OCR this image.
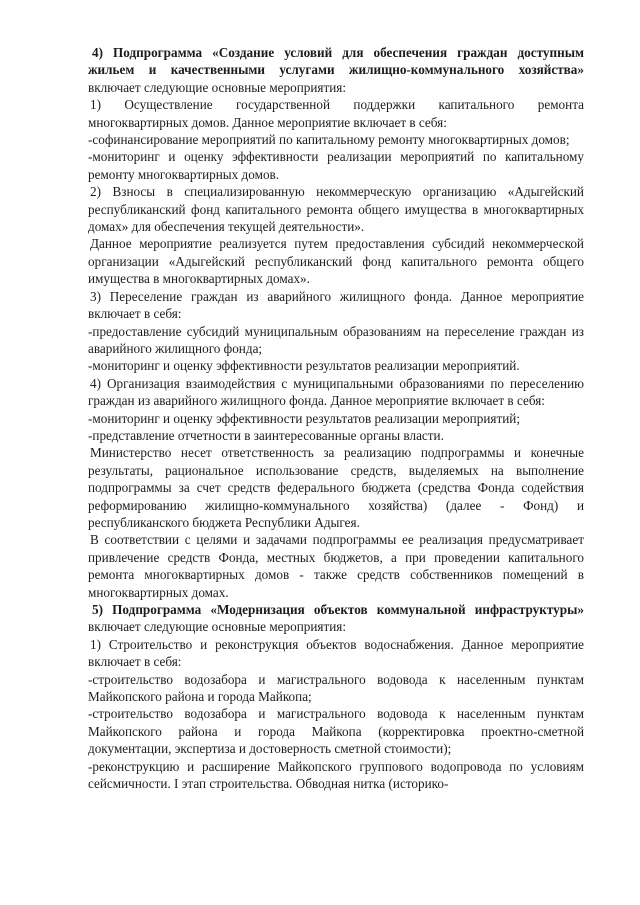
4) Подпрограмма «Создание условий для обеспечения граждан доступным жильем и качественными услугами жилищно-коммунального хозяйства» включает следующие основные мероприятия:

1) Осуществление государственной поддержки капитального ремонта многоквартирных домов. Данное мероприятие включает в себя:

-софинансирование мероприятий по капитальному ремонту многоквартирных домов;

-мониторинг и оценку эффективности реализации мероприятий по капитальному ремонту многоквартирных домов.

2) Взносы в специализированную некоммерческую организацию «Адыгейский республиканский фонд капитального ремонта общего имущества в многоквартирных домах» для обеспечения текущей деятельности».

Данное мероприятие реализуется путем предоставления субсидий некоммерческой организации «Адыгейский республиканский фонд капитального ремонта общего имущества в многоквартирных домах».

3) Переселение граждан из аварийного жилищного фонда. Данное мероприятие включает в себя:

-предоставление субсидий муниципальным образованиям на переселение граждан из аварийного жилищного фонда;

-мониторинг и оценку эффективности результатов реализации мероприятий.

4) Организация взаимодействия с муниципальными образованиями по переселению граждан из аварийного жилищного фонда. Данное мероприятие включает в себя:

-мониторинг и оценку эффективности результатов реализации мероприятий;

-представление отчетности в заинтересованные органы власти.

Министерство несет ответственность за реализацию подпрограммы и конечные результаты, рациональное использование средств, выделяемых на выполнение подпрограммы за счет средств федерального бюджета (средства Фонда содействия реформированию жилищно-коммунального хозяйства) (далее - Фонд) и республиканского бюджета Республики Адыгея.

В соответствии с целями и задачами подпрограммы ее реализация предусматривает привлечение средств Фонда, местных бюджетов, а при проведении капитального ремонта многоквартирных домов - также средств собственников помещений в многоквартирных домах.

5) Подпрограмма «Модернизация объектов коммунальной инфраструктуры» включает следующие основные мероприятия:

1) Строительство и реконструкция объектов водоснабжения. Данное мероприятие включает в себя:

-строительство водозабора и магистрального водовода к населенным пунктам Майкопского района и города Майкопа;

-строительство водозабора и магистрального водовода к населенным пунктам Майкопского района и города Майкопа (корректировка проектно-сметной документации, экспертиза и достоверность сметной стоимости);

-реконструкцию и расширение Майкопского группового водопровода по условиям сейсмичности. I этап строительства. Обводная нитка (историко-
